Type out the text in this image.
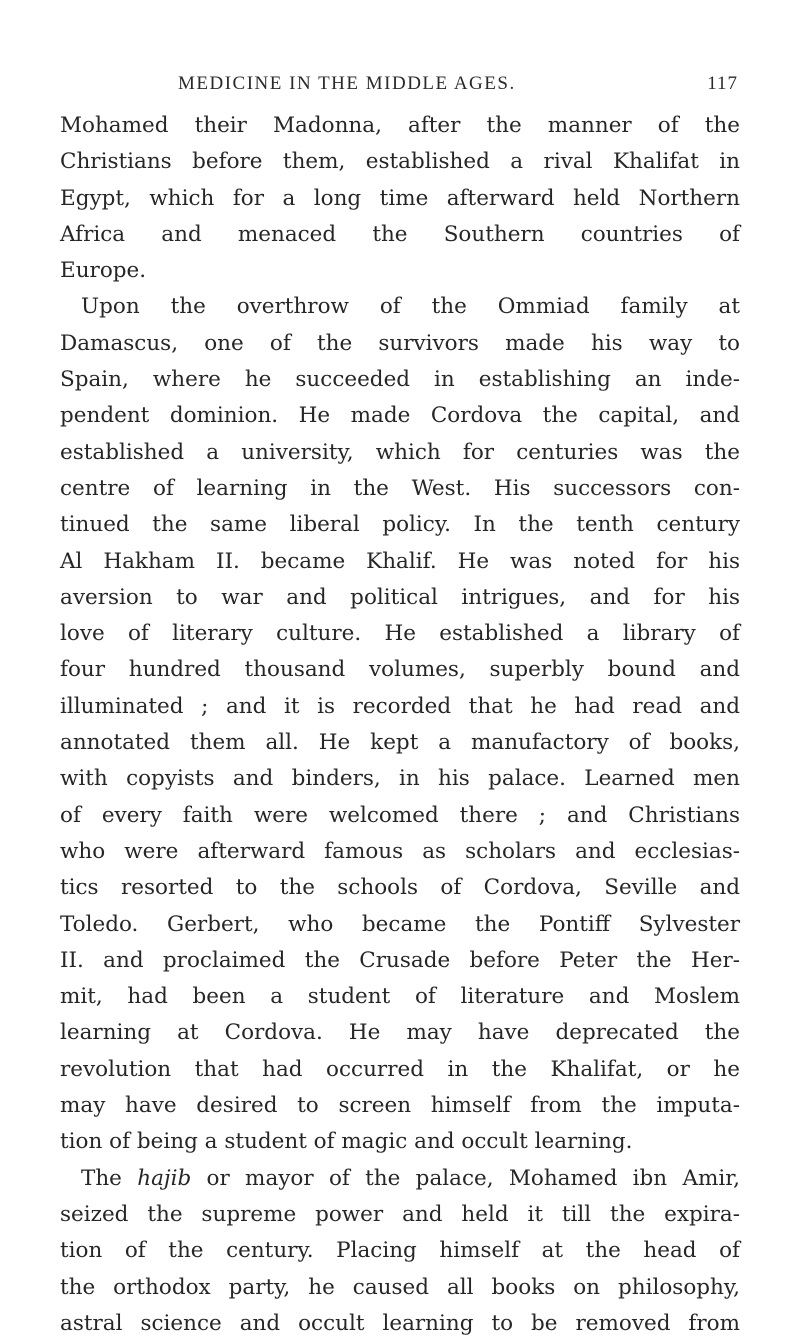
MEDICINE IN THE MIDDLE AGES.	117
Mohamed their Madonna, after the manner of the
Christians before them, established a rival Khalifat in
Egypt, which for a long time afterward held Northern
Africa and menaced the Southern countries of
Europe.
Upon the overthrow of the Ommiad family at
Damascus, one of the survivors made his way to
Spain, where he succeeded in establishing an inde-
pendent dominion. He made Cordova the capital, and
established a university, which for centuries was the
centre of learning in the West. His successors con-
tinued the same liberal policy. In the tenth century
Al Hakham II. became Khalif. He was noted for his
aversion to war and political intrigues, and for his
love of literary culture. He established a library of
four hundred thousand volumes, superbly bound and
illuminated ; and it is recorded that he had read and
annotated them all. He kept a manufactory of books,
with copyists and binders, in his palace. Learned men
of every faith were welcomed there ; and Christians
who were afterward famous as scholars and ecclesias-
tics resorted to the schools of Cordova, Seville and
Toledo. Gerbert, who became the Pontiff Sylvester
II. and proclaimed the Crusade before Peter the Her-
mit, had been a student of literature and Moslem
learning at Cordova. He may have deprecated the
revolution that had occurred in the Khalifat, or he
may have desired to screen himself from the imputa-
tion of being a student of magic and occult learning.
The hajib or mayor of the palace, Mohamed ibn Amir,
seized the supreme power and held it till the expira-
tion of the century. Placing himself at the head of
the orthodox party, he caused all books on philosophy,
astral science and occult learning to be removed from
